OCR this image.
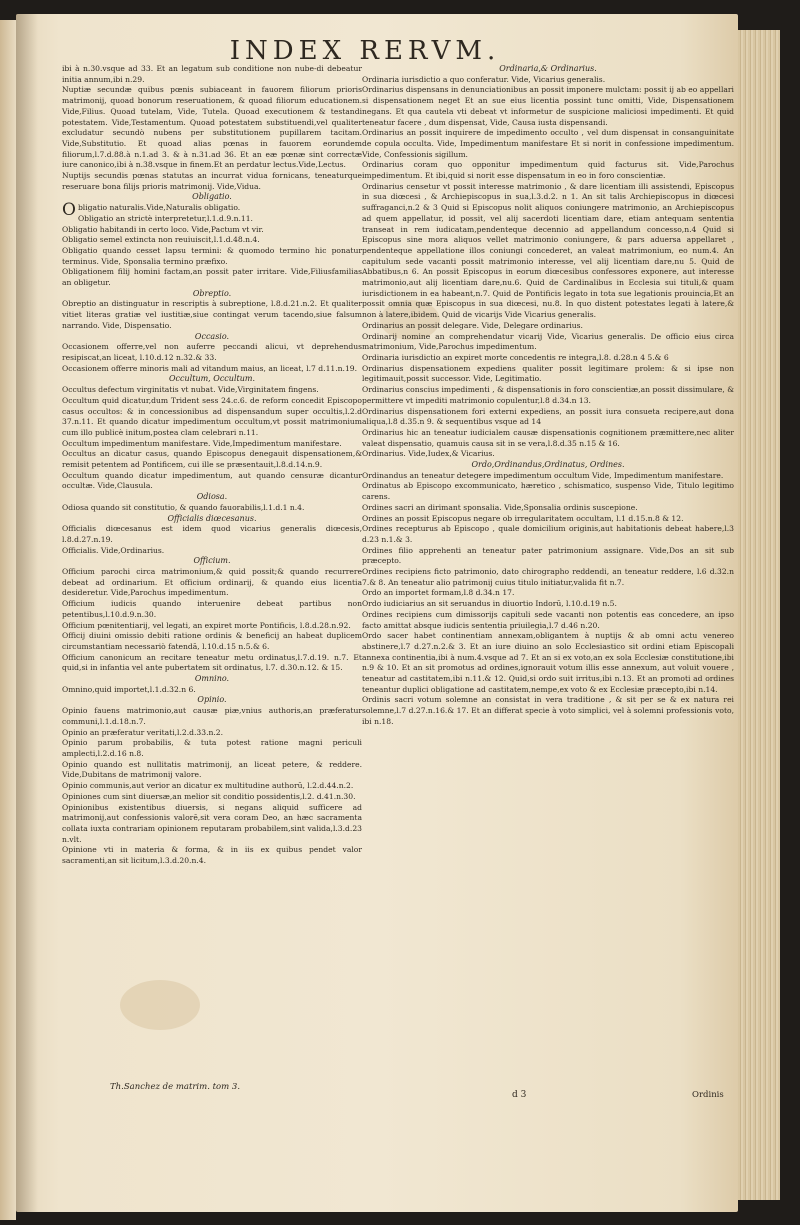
INDEX RERVM.

ibi à n.30.vsque ad 33. Et an legatum sub conditione non nube-di debeatur initia annum,ibi n.29.

Nuptiæ secundæ quibus pœnis subiaceant in fauorem filiorum prioris matrimonij, quoad bonorum reseruationem, & quoad filiorum educationem. Vide,Filius. Quoad tutelam, Vide, Tutela. Quoad executionem & testandi potestatem. Vide,Testamentum. Quoad potestatem substituendi,vel qualiter excludatur secundò nubens per substitutionem pupillarem tacitam. Vide,Substitutio. Et quoad alias pœnas in fauorem eorundem filiorum,l.7.d.88.à n.1.ad 3. & à n.31.ad 36. Et an eæ pœnæ sint correctæ iure canonico,ibi à n.38.vsque in finem.Et an perdatur lectus.Vide,Lectus.

Nuptijs secundis pœnas statutas an incurrat vidua fornicans, teneaturque reseruare bona filijs prioris matrimonij. Vide,Vidua.

Obligatio.

Obligatio naturalis.Vide,Naturalis obligatio.

Obligatio an strictè interpretetur,l.1.d.9.n.11.

Obligatio habitandi in certo loco. Vide,Pactum vt vir.

Obligatio semel extincta non reuiuiscit,l.1.d.48.n.4.

Obligatio quando cesset lapsu termini: & quomodo termino hic ponatur terminus. Vide, Sponsalia termino præfixo.

Obligationem filij homini factam,an possit pater irritare. Vide,Filiusfamilias an obligetur.

Obreptio.

Obreptio an distinguatur in rescriptis à subreptione, l.8.d.21.n.2. Et qualiter vitiet literas gratiæ vel iustitiæ,siue contingat verum tacendo,siue falsum narrando. Vide, Dispensatio.

Occasio.

Occasionem offerre,vel non auferre peccandi alicui, vt deprehendus resipiscat,an liceat, l.10.d.12 n.32.& 33.

Occasionem offerre minoris mali ad vitandum maius, an liceat, l.7 d.11.n.19.

Occultum, Occultum.

Occultus defectum virginitatis vt nubat. Vide,Virginitatem fingens.

Occultum quid dicatur,dum Trident sess 24.c.6. de reform concedit Episcopo casus occultos: & in concessionibus ad dispensandum super occultis,l.2.d 37.n.11. Et quando dicatur impedimentum occultum,vt possit matrimonium cum illo publicè initum,postea clam celebrari n.11.

Occultum impedimentum manifestare. Vide,Impedimentum manifestare.

Occultus an dicatur casus, quando Episcopus denegauit dispensationem,& remisit petentem ad Pontificem, cui ille se præsentauit,l.8.d.14.n.9.

Occultum quando dicatur impedimentum, aut quando censuræ dicantur occultæ. Vide,Clausula.

Odiosa.

Odiosa quando sit constitutio, & quando fauorabilis,l.1.d.1 n.4.

Officialis diœcesanus.

Officialis diœcesanus est idem quod vicarius generalis diœcesis, l.8.d.27.n.19.

Officialis. Vide,Ordinarius.

Officium.

Officium parochi circa matrimonium,& quid possit;& quando recurrere debeat ad ordinarium. Et officium ordinarij, & quando eius licentia desideretur. Vide,Parochus impedimentum.

Officium iudicis quando interuenire debeat partibus non petentibus,l.10.d.9.n.30.

Officium pœnitentiarij, vel legati, an expiret morte Pontificis, l.8.d.28.n.92.

Officij diuini omissio debiti ratione ordinis & beneficij an habeat duplicem circumstantiam necessariò fatendā, l.10.d.15 n.5.& 6.

Officium canonicum an recitare teneatur metu ordinatus,l.7.d.19. n.7. Et quid,si in infantia vel ante pubertatem sit ordinatus, l.7. d.30.n.12. & 15.

Omnino.

Omnino,quid importet,l.1.d.32.n 6.

Opinio.

Opinio fauens matrimonio,aut causæ piæ,vnius authoris,an præferatur communi,l.1.d.18.n.7.

Opinio an præferatur veritati,l.2.d.33.n.2.

Opinio parum probabilis, & tuta potest ratione magni periculi amplecti,l.2.d.16 n.8.

Opinio quando est nullitatis matrimonij, an liceat petere, & reddere. Vide,Dubitans de matrimonij valore.

Opinio communis,aut verior an dicatur ex multitudine authorū, l.2.d.44.n.2.

Opiniones cum sint diuersæ,an melior sit conditio possidentis,l.2. d.41.n.30.

Opinionibus existentibus diuersis, si negans aliquid sufficere ad matrimonij,aut confessionis valorē,sit vera coram Deo, an hæc sacramenta collata iuxta contrariam opinionem reputaram probabilem,sint valida,l.3.d.23 n.vlt.

Opinione vti in materia & forma, & in iis ex quibus pendet valor sacramenti,an sit licitum,l.3.d.20.n.4.

Ordinaria,& Ordinarius.

Ordinaria iurisdictio a quo conferatur. Vide, Vicarius generalis.

Ordinarius dispensans in denunciationibus an possit imponere mulctam: possit ij ab eo appellari si dispensationem neget Et an sue eius licentia possint tunc omitti, Vide, Dispensationem negans. Et qua cautela vti debeat vt informetur de suspicione maliciosi impedimenti. Et quid teneatur facere , dum dispensat, Vide, Causa iusta dispensandi.

Ordinarius an possit inquirere de impedimento occulto , vel dum dispensat in consanguinitate de copula occulta. Vide, Impedimentum manifestare Et si norit in confessione impedimentum. Vide, Confessionis sigillum.

Ordinarius coram quo opponitur impedimentum quid facturus sit. Vide,Parochus impedimentum. Et ibi,quid si norit esse dispensatum in eo in foro conscientiæ.

Ordinarius censetur vt possit interesse matrimonio , & dare licentiam illi assistendi, Episcopus in sua diœcesi , & Archiepiscopus in sua,l.3.d.2. n 1. An sit talis Archiepiscopus in diœcesi suffraganci,n.2 & 3 Quid si Episcopus nolit aliquos coniungere matrimonio, an Archiepiscopus ad quem appellatur, id possit, vel alij sacerdoti licentiam dare, etiam antequam sententia transeat in rem iudicatam,pendenteque decennio ad appellandum concesso,n.4 Quid si Episcopus sine mora aliquos vellet matrimonio coniungere, & pars aduersa appellaret , pendenteque appellatione illos coniungi concederet, an valeat matrimonium, eo num.4. An capitulum sede vacanti possit matrimonio interesse, vel alij licentiam dare,nu 5. Quid de Abbatibus,n 6. An possit Episcopus in eorum diœcesibus confessores exponere, aut interesse matrimonio,aut alij licentiam dare,nu.6. Quid de Cardinalibus in Ecclesia sui tituli,& quam iurisdictionem in ea habeant,n.7. Quid de Pontificis legato in tota sue legationis prouincia,Et an possit omnia quæ Episcopus in sua diœcesi, nu.8. In quo distent potestates legati à latere,& non à latere,ibidem. Quid de vicarijs Vide Vicarius generalis.

Ordinarius an possit delegare. Vide, Delegare ordinarius.

Ordinarij nomine an comprehendatur vicarij Vide, Vicarius generalis. De officio eius circa matrimonium, Vide,Parochus impedimentum.

Ordinaria iurisdictio an expiret morte concedentis re integra,l.8. d.28.n 4 5.& 6

Ordinarius dispensationem expediens qualiter possit legitimare prolem: & si ipse non legitimauit,possit successor. Vide, Legitimatio.

Ordinarius conscius impedimenti , & dispensationis in foro conscientiæ,an possit dissimulare, & permittere vt impediti matrimonio copulentur,l.8 d.34.n 13.

Ordinarius dispensationem fori externi expediens, an possit iura consueta recipere,aut dona aliqua,l.8 d.35.n 9. & sequentibus vsque ad 14

Ordinarius hic an teneatur iudicialem causæ dispensationis cognitionem præmittere,nec aliter valeat dispensatio, quamuis causa sit in se vera,l.8.d.35 n.15 & 16.

Ordinarius. Vide,Iudex,& Vicarius.

Ordo,Ordinandus,Ordinatus, Ordines.

Ordinandus an teneatur detegere impedimentum occultum Vide, Impedimentum manifestare.

Ordinatus ab Episcopo excommunicato, hæretico , schismatico, suspenso Vide, Titulo legitimo carens.

Ordines sacri an dirimant sponsalia. Vide,Sponsalia ordinis suscepione.

Ordines an possit Episcopus negare ob irregularitatem occultam, l.1 d.15.n.8 & 12.

Ordines recepturus ab Episcopo , quale domicilium originis,aut habitationis debeat habere,l.3 d.23 n.1.& 3.

Ordines filio apprehenti an teneatur pater patrimonium assignare. Vide,Dos an sit sub præcepto.

Ordines recipiens ficto patrimonio, dato chirographo reddendi, an teneatur reddere, l.6 d.32.n 7.& 8. An teneatur alio patrimonij cuius titulo initiatur,valida fit n.7.

Ordo an importet formam,l.8 d.34.n 17.

Ordo iudiciarius an sit seruandus in diuortio Indorū, l.10.d.19 n.5.

Ordines recipiens cum dimissorijs capituli sede vacanti non potentis eas concedere, an ipso facto amittat absque iudicis sententia priuilegia,l.7 d.46 n.20.

Ordo sacer habet continentiam annexam,obligantem à nuptijs & ab omni actu venereo abstinere,l.7 d.27.n.2.& 3. Et an iure diuino an solo Ecclesiastico sit ordini etiam Episcopali annexa continentia,ibi à num.4.vsque ad 7. Et an si ex voto,an ex sola Ecclesiæ constitutione,ibi n.9 & 10. Et an sit promotus ad ordines,ignorauit votum illis esse annexum, aut voluit vouere , teneatur ad castitatem,ibi n.11.& 12. Quid,si ordo suit irritus,ibi n.13. Et an promoti ad ordines teneantur duplici obligatione ad castitatem,nempe,ex voto & ex Ecclesiæ præcepto,ibi n.14.

Ordinis sacri votum solemne an consistat in vera traditione , & sit per se & ex natura rei solemne,l.7 d.27.n.16.& 17. Et an differat specie à voto simplici, vel à solemni professionis voto, ibi n.18.

Th.Sanchez de matrim. tom 3.
d 3	Ordinis
